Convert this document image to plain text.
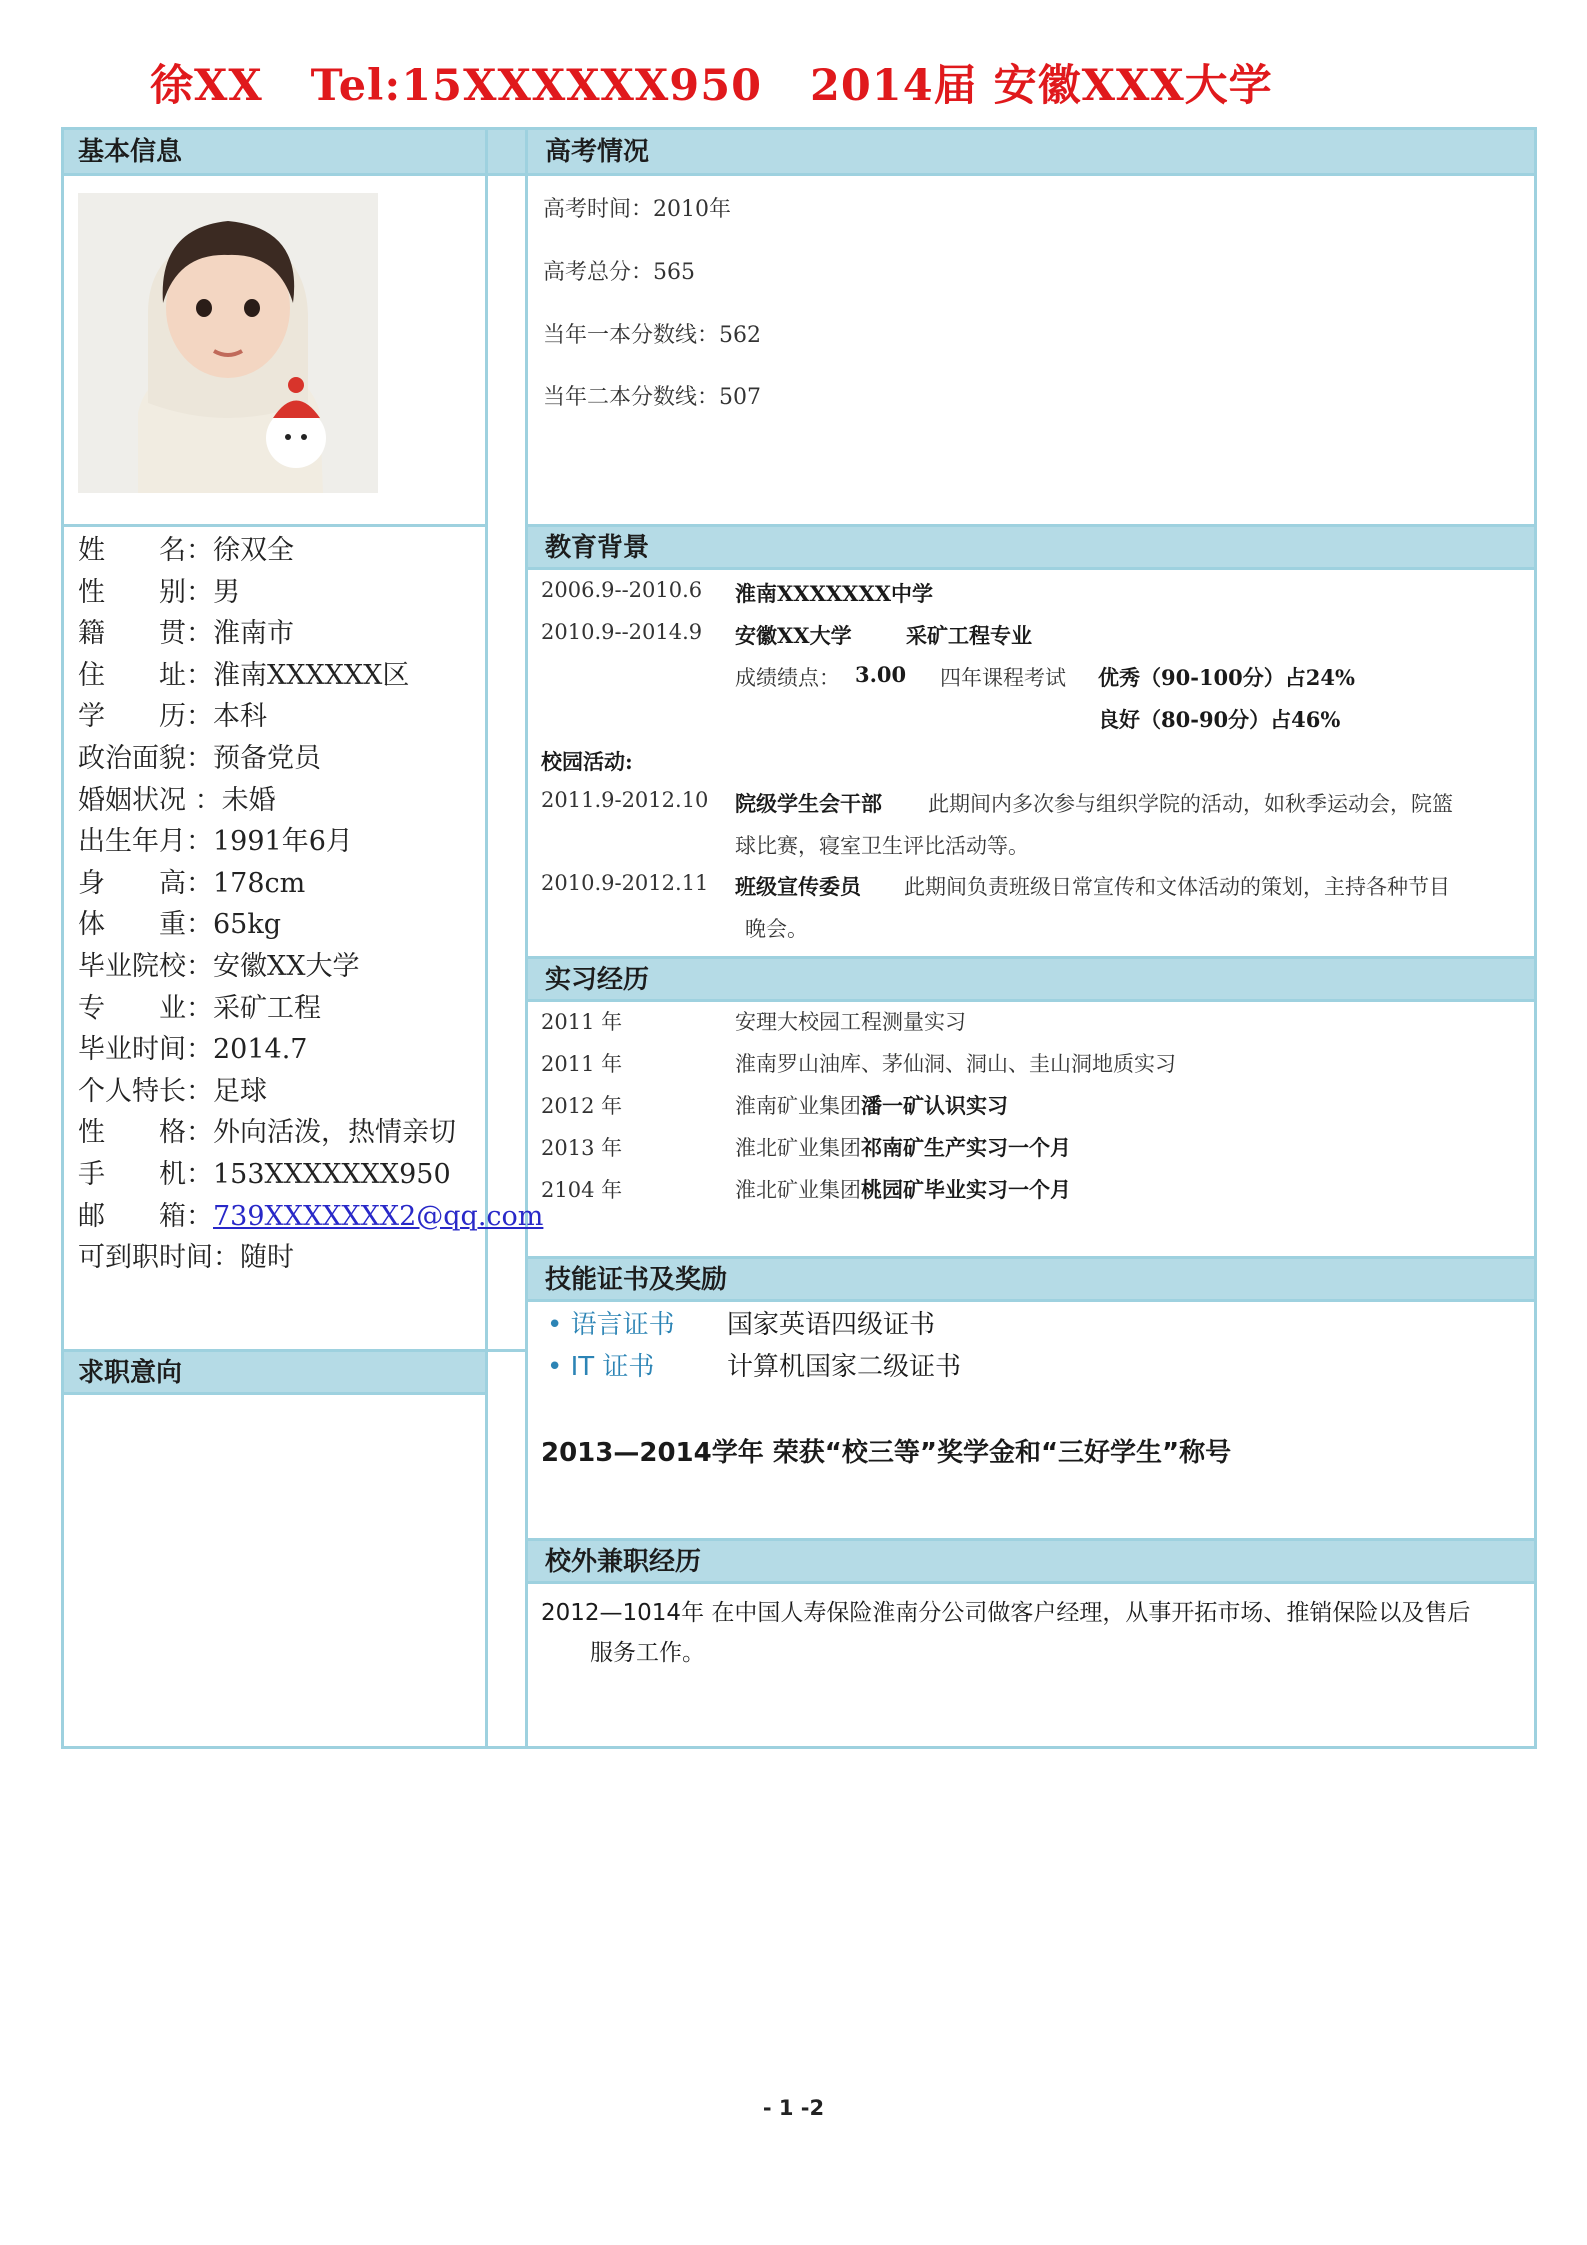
徐XX   Tel:15XXXXXX950   2014届 安徽XXX大学
基本信息
求职意向
姓　　名：徐双全
性　　别：男
籍　　贯：淮南市
住　　址：淮南XXXXXX区
学　　历：本科
政治面貌：预备党员
婚姻状况 ：未婚
出生年月：1991年6月
身　　高：178cm
体　　重：65kg
毕业院校：安徽XX大学
专　　业：采矿工程
毕业时间：2014.7
个人特长：足球
性　　格：外向活泼，热情亲切
手　　机：153XXXXXXX950
邮　　箱：739XXXXXXX2@qq.com
可到职时间：随时
高考情况
教育背景
实习经历
技能证书及奖励
校外兼职经历
高考时间：2010年
高考总分：565
当年一本分数线：562
当年二本分数线：507
2006.9--2010.6 淮南XXXXXXX中学
2010.9--2014.9 安徽XX大学	采矿工程专业
成绩绩点： 3.00 四年课程考试 优秀（90-100分）占24%
良好（80-90分）占46%
校园活动:
2011.9-2012.10 院级学生会干部 此期间内多次参与组织学院的活动，如秋季运动会，院篮
球比赛，寝室卫生评比活动等。
2010.9-2012.11 班级宣传委员 此期间负责班级日常宣传和文体活动的策划，主持各种节目
晚会。
2011 年	安理大校园工程测量实习
2011 年	淮南罗山油库、茅仙洞、洞山、圭山洞地质实习
2012 年	淮南矿业集团潘一矿认识实习
2013 年	淮北矿业集团祁南矿生产实习一个月
2104 年	淮北矿业集团桃园矿毕业实习一个月
• 语言证书 国家英语四级证书
• IT 证书	计算机国家二级证书
2013—2014学年 荣获“校三等”奖学金和“三好学生”称号
2012—1014年 在中国人寿保险淮南分公司做客户经理，从事开拓市场、推销保险以及售后
服务工作。
- 1 -2
